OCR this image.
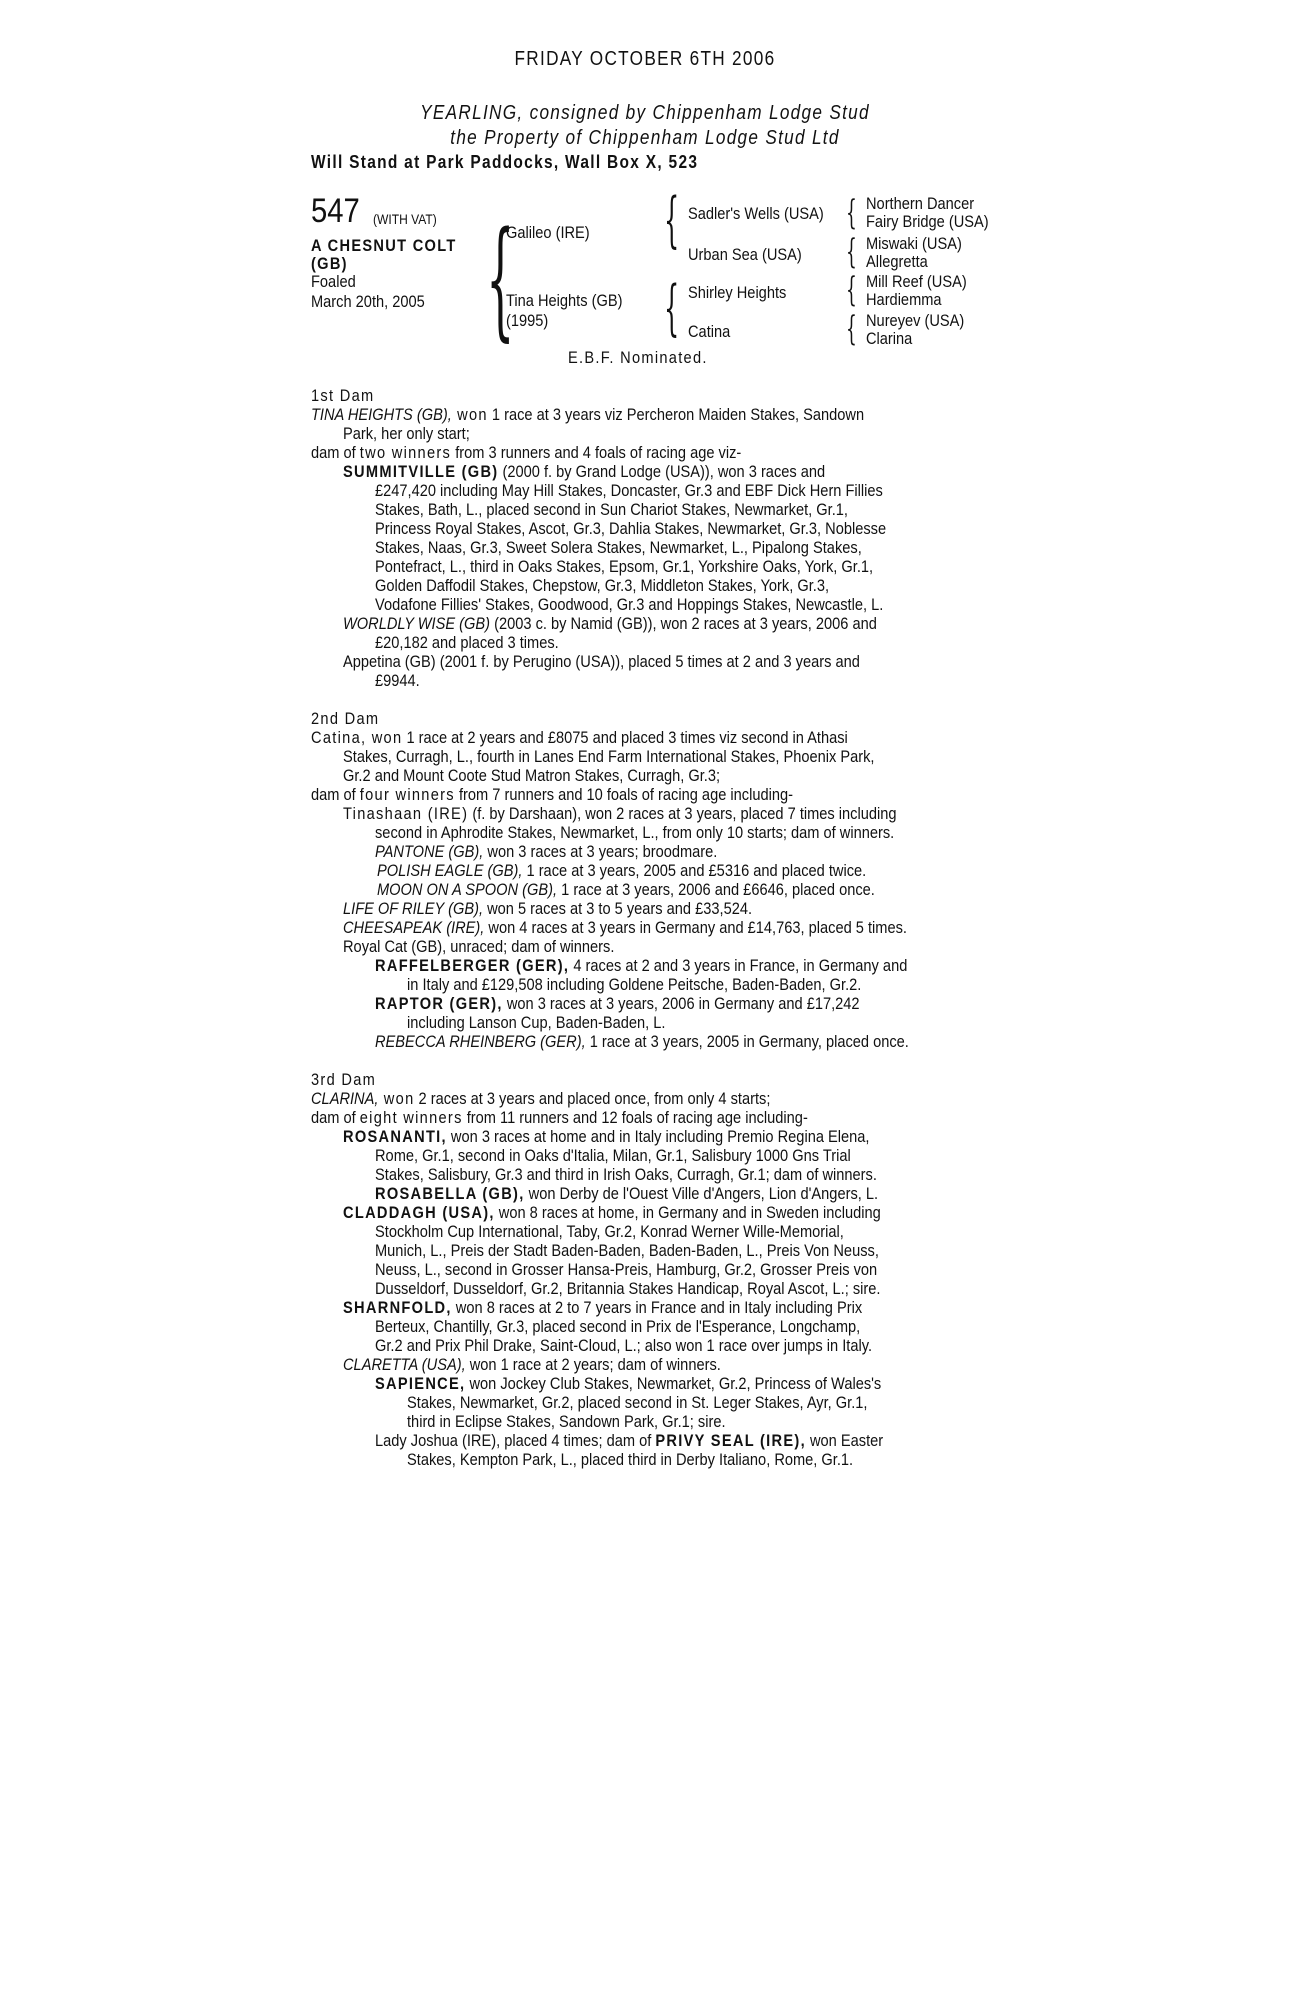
FRIDAY OCTOBER 6TH 2006
YEARLING, consigned by Chippenham Lodge Stud
the Property of Chippenham Lodge Stud Ltd
Will Stand at Park Paddocks, Wall Box X, 523
547 (WITH VAT)
A CHESNUT COLT
(GB)
Foaled
March 20th, 2005 { {
{
{
{
{
{
Galileo (IRE)
Tina Heights (GB)
(1995)
Sadler's Wells (USA)
Urban Sea (USA)
Shirley Heights
Catina
Northern Dancer
Fairy Bridge (USA)
Miswaki (USA)
Allegretta
Mill Reef (USA)
Hardiemma
Nureyev (USA)
Clarina
E.B.F. Nominated.
1st Dam
TINA HEIGHTS (GB), won 1 race at 3 years viz Percheron Maiden Stakes, Sandown
Park, her only start;
dam of two winners from 3 runners and 4 foals of racing age viz-
SUMMITVILLE (GB) (2000 f. by Grand Lodge (USA)), won 3 races and
£247,420 including May Hill Stakes, Doncaster, Gr.3 and EBF Dick Hern Fillies
Stakes, Bath, L., placed second in Sun Chariot Stakes, Newmarket, Gr.1,
Princess Royal Stakes, Ascot, Gr.3, Dahlia Stakes, Newmarket, Gr.3, Noblesse
Stakes, Naas, Gr.3, Sweet Solera Stakes, Newmarket, L., Pipalong Stakes,
Pontefract, L., third in Oaks Stakes, Epsom, Gr.1, Yorkshire Oaks, York, Gr.1,
Golden Daffodil Stakes, Chepstow, Gr.3, Middleton Stakes, York, Gr.3,
Vodafone Fillies' Stakes, Goodwood, Gr.3 and Hoppings Stakes, Newcastle, L.
WORLDLY WISE (GB) (2003 c. by Namid (GB)), won 2 races at 3 years, 2006 and
£20,182 and placed 3 times.
Appetina (GB) (2001 f. by Perugino (USA)), placed 5 times at 2 and 3 years and
£9944.
2nd Dam
Catina, won 1 race at 2 years and £8075 and placed 3 times viz second in Athasi
Stakes, Curragh, L., fourth in Lanes End Farm International Stakes, Phoenix Park,
Gr.2 and Mount Coote Stud Matron Stakes, Curragh, Gr.3;
dam of four winners from 7 runners and 10 foals of racing age including-
Tinashaan (IRE) (f. by Darshaan), won 2 races at 3 years, placed 7 times including
second in Aphrodite Stakes, Newmarket, L., from only 10 starts; dam of winners.
PANTONE (GB), won 3 races at 3 years; broodmare.
POLISH EAGLE (GB), 1 race at 3 years, 2005 and £5316 and placed twice.
MOON ON A SPOON (GB), 1 race at 3 years, 2006 and £6646, placed once.
LIFE OF RILEY (GB), won 5 races at 3 to 5 years and £33,524.
CHEESAPEAK (IRE), won 4 races at 3 years in Germany and £14,763, placed 5 times.
Royal Cat (GB), unraced; dam of winners.
RAFFELBERGER (GER), 4 races at 2 and 3 years in France, in Germany and
in Italy and £129,508 including Goldene Peitsche, Baden-Baden, Gr.2.
RAPTOR (GER), won 3 races at 3 years, 2006 in Germany and £17,242
including Lanson Cup, Baden-Baden, L.
REBECCA RHEINBERG (GER), 1 race at 3 years, 2005 in Germany, placed once.
3rd Dam
CLARINA, won 2 races at 3 years and placed once, from only 4 starts;
dam of eight winners from 11 runners and 12 foals of racing age including-
ROSANANTI, won 3 races at home and in Italy including Premio Regina Elena,
Rome, Gr.1, second in Oaks d'Italia, Milan, Gr.1, Salisbury 1000 Gns Trial
Stakes, Salisbury, Gr.3 and third in Irish Oaks, Curragh, Gr.1; dam of winners.
ROSABELLA (GB), won Derby de l'Ouest Ville d'Angers, Lion d'Angers, L.
CLADDAGH (USA), won 8 races at home, in Germany and in Sweden including
Stockholm Cup International, Taby, Gr.2, Konrad Werner Wille-Memorial,
Munich, L., Preis der Stadt Baden-Baden, Baden-Baden, L., Preis Von Neuss,
Neuss, L., second in Grosser Hansa-Preis, Hamburg, Gr.2, Grosser Preis von
Dusseldorf, Dusseldorf, Gr.2, Britannia Stakes Handicap, Royal Ascot, L.; sire.
SHARNFOLD, won 8 races at 2 to 7 years in France and in Italy including Prix
Berteux, Chantilly, Gr.3, placed second in Prix de l'Esperance, Longchamp,
Gr.2 and Prix Phil Drake, Saint-Cloud, L.; also won 1 race over jumps in Italy.
CLARETTA (USA), won 1 race at 2 years; dam of winners.
SAPIENCE, won Jockey Club Stakes, Newmarket, Gr.2, Princess of Wales's
Stakes, Newmarket, Gr.2, placed second in St. Leger Stakes, Ayr, Gr.1,
third in Eclipse Stakes, Sandown Park, Gr.1; sire.
Lady Joshua (IRE), placed 4 times; dam of PRIVY SEAL (IRE), won Easter
Stakes, Kempton Park, L., placed third in Derby Italiano, Rome, Gr.1.
